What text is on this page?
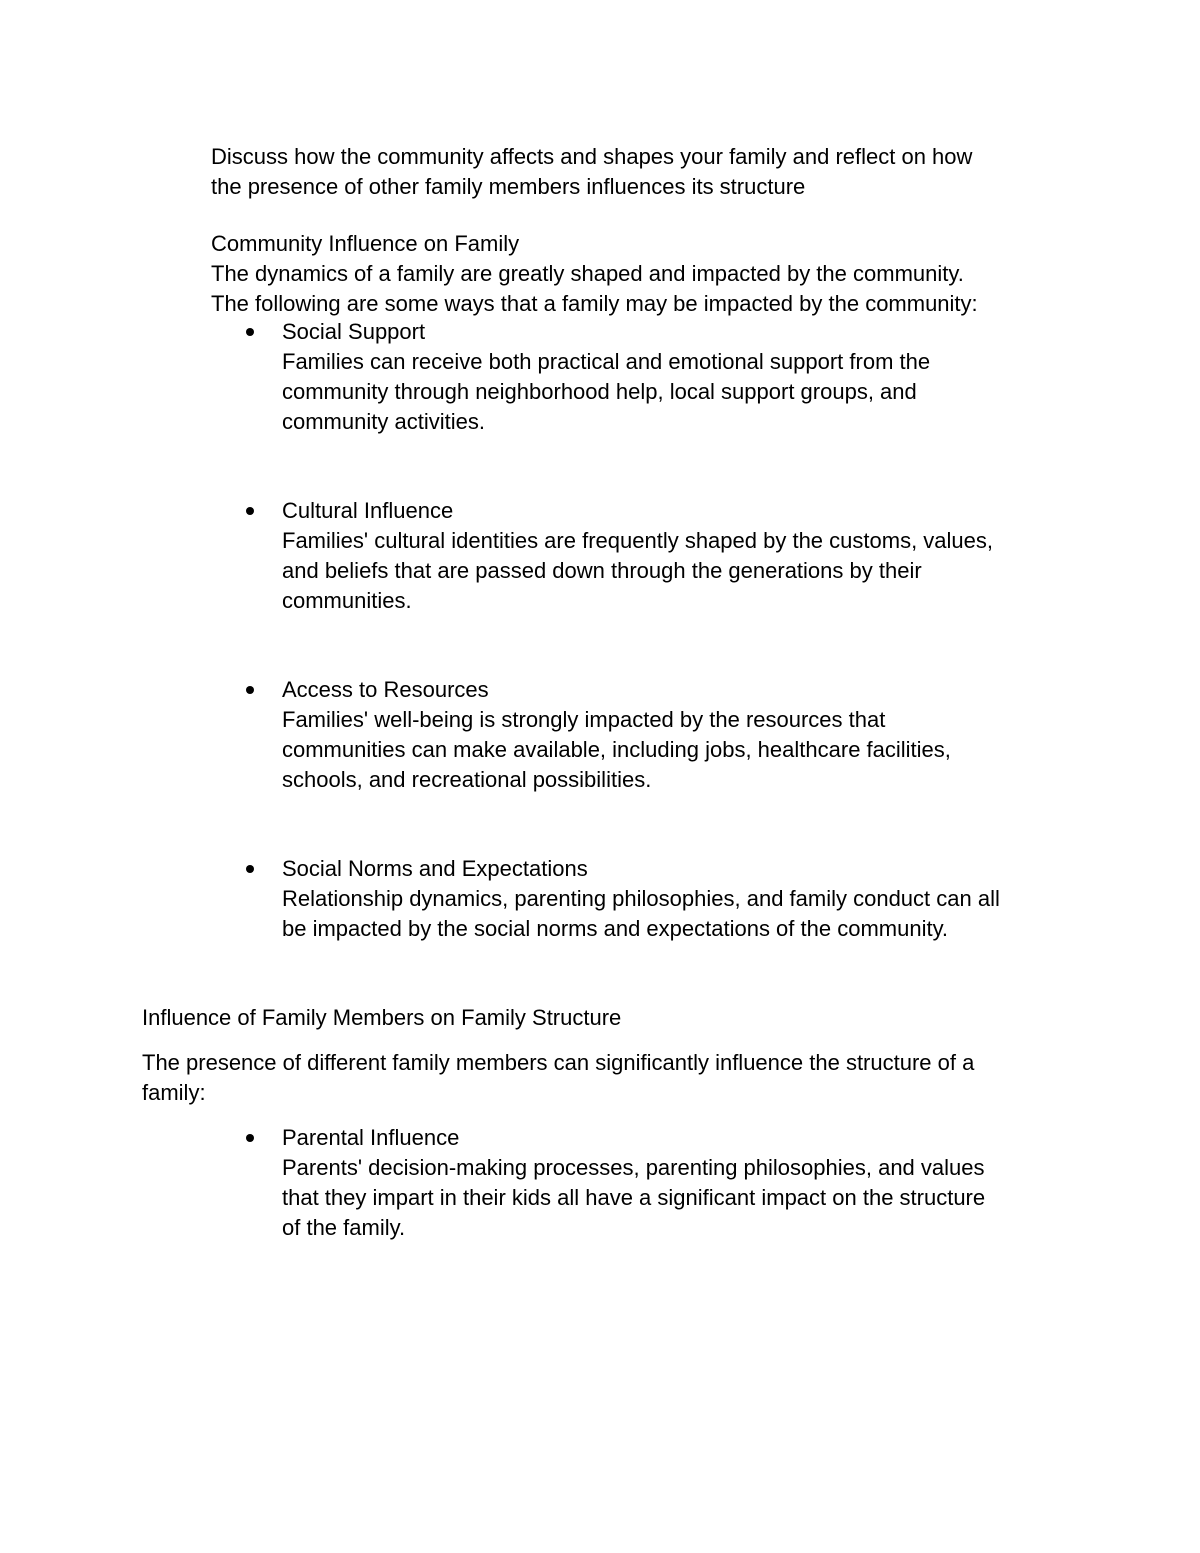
Discuss how the community affects and shapes your family and reflect on how

the presence of other family members influences its structure

Community Influence on Family

The dynamics of a family are greatly shaped and impacted by the community.

The following are some ways that a family may be impacted by the community:

Social Support

Families can receive both practical and emotional support from the

community through neighborhood help, local support groups, and

community activities.

Cultural Influence

Families' cultural identities are frequently shaped by the customs, values,

and beliefs that are passed down through the generations by their

communities.

Access to Resources

Families' well-being is strongly impacted by the resources that

communities can make available, including jobs, healthcare facilities,

schools, and recreational possibilities.

Social Norms and Expectations

Relationship dynamics, parenting philosophies, and family conduct can all

be impacted by the social norms and expectations of the community.

Influence of Family Members on Family Structure

The presence of different family members can significantly influence the structure of a

family:

Parental Influence

Parents' decision-making processes, parenting philosophies, and values

that they impart in their kids all have a significant impact on the structure

of the family.
